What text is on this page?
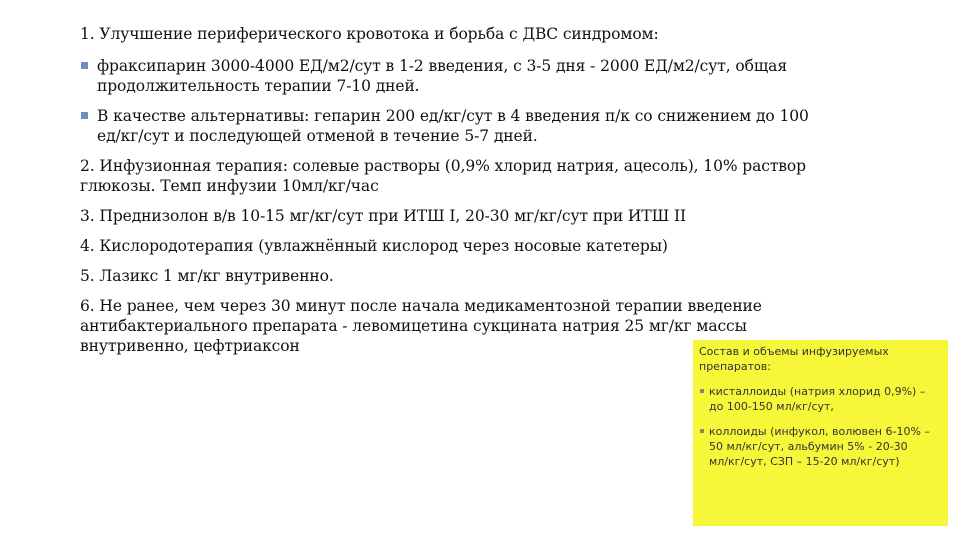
1. Улучшение периферического кровотока и борьба с ДВС синдромом:

фраксипарин 3000-4000 ЕД/м2/сут в 1-2 введения, с 3-5 дня - 2000 ЕД/м2/сут, общая

продолжительность терапии 7-10 дней.

В качестве альтернативы: гепарин 200 ед/кг/сут в 4 введения п/к со снижением до 100

ед/кг/сут и последующей отменой в течение 5-7 дней.

2. Инфузионная терапия: солевые растворы (0,9% хлорид натрия, ацесоль), 10% раствор

глюкозы. Темп инфузии 10мл/кг/час

3. Преднизолон в/в 10-15 мг/кг/сут при ИТШ I, 20-30 мг/кг/сут при ИТШ II

4. Кислородотерапия (увлажнённый кислород через носовые катетеры)

5. Лазикс 1 мг/кг внутривенно.

6. Не ранее, чем через 30 минут после начала медикаментозной терапии введение

антибактериального препарата - левомицетина сукцината натрия 25 мг/кг массы

внутривенно, цефтриаксон	Состав и объемы инфузируемых
препаратов:
кисталлоиды (натрия хлорид 0,9%) –
до 100-150 мл/кг/сут,
коллоиды (инфукол, волювен 6-10% –
50 мл/кг/сут, альбумин 5% - 20-30
мл/кг/сут, СЗП – 15-20 мл/кг/сут)
